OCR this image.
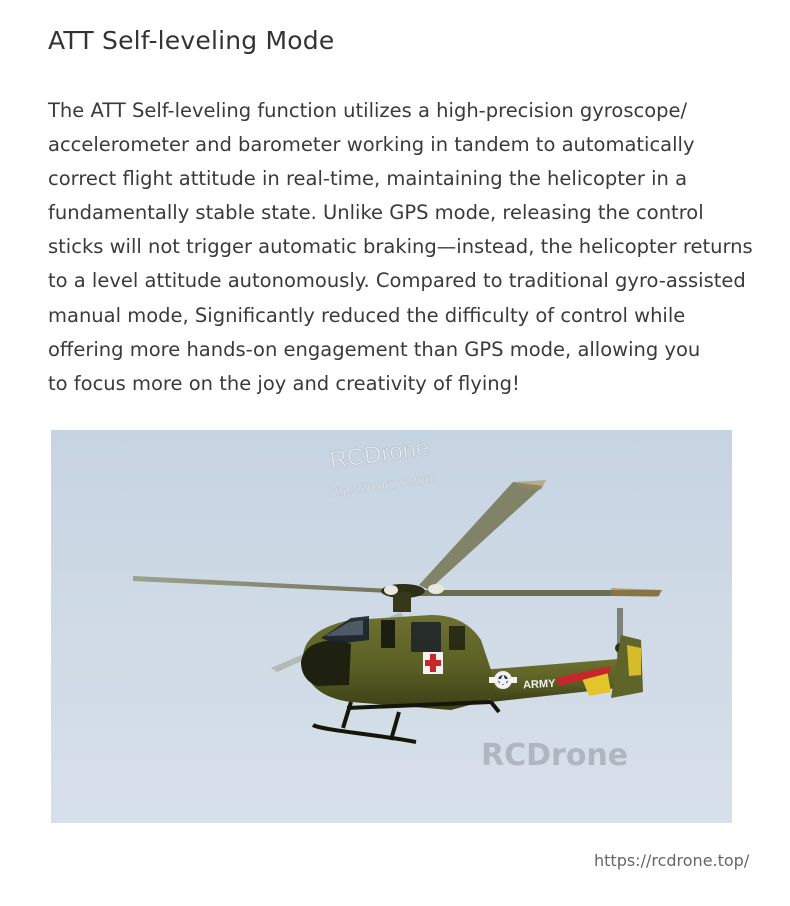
ATT Self-leveling Mode
The ATT Self-leveling function utilizes a high-precision gyroscope/
accelerometer and barometer working in tandem to automatically
correct flight attitude in real-time, maintaining the helicopter in a
fundamentally stable state. Unlike GPS mode, releasing the control
sticks will not trigger automatic braking—instead, the helicopter returns
to a level attitude autonomously. Compared to traditional gyro-assisted
manual mode, Significantly reduced the difficulty of control while
offering more hands-on engagement than GPS mode, allowing you
to focus more on the joy and creativity of flying!
RCDrone
https://rcdrone.top/
ARMY
RCDrone
https://rcdrone.top/
